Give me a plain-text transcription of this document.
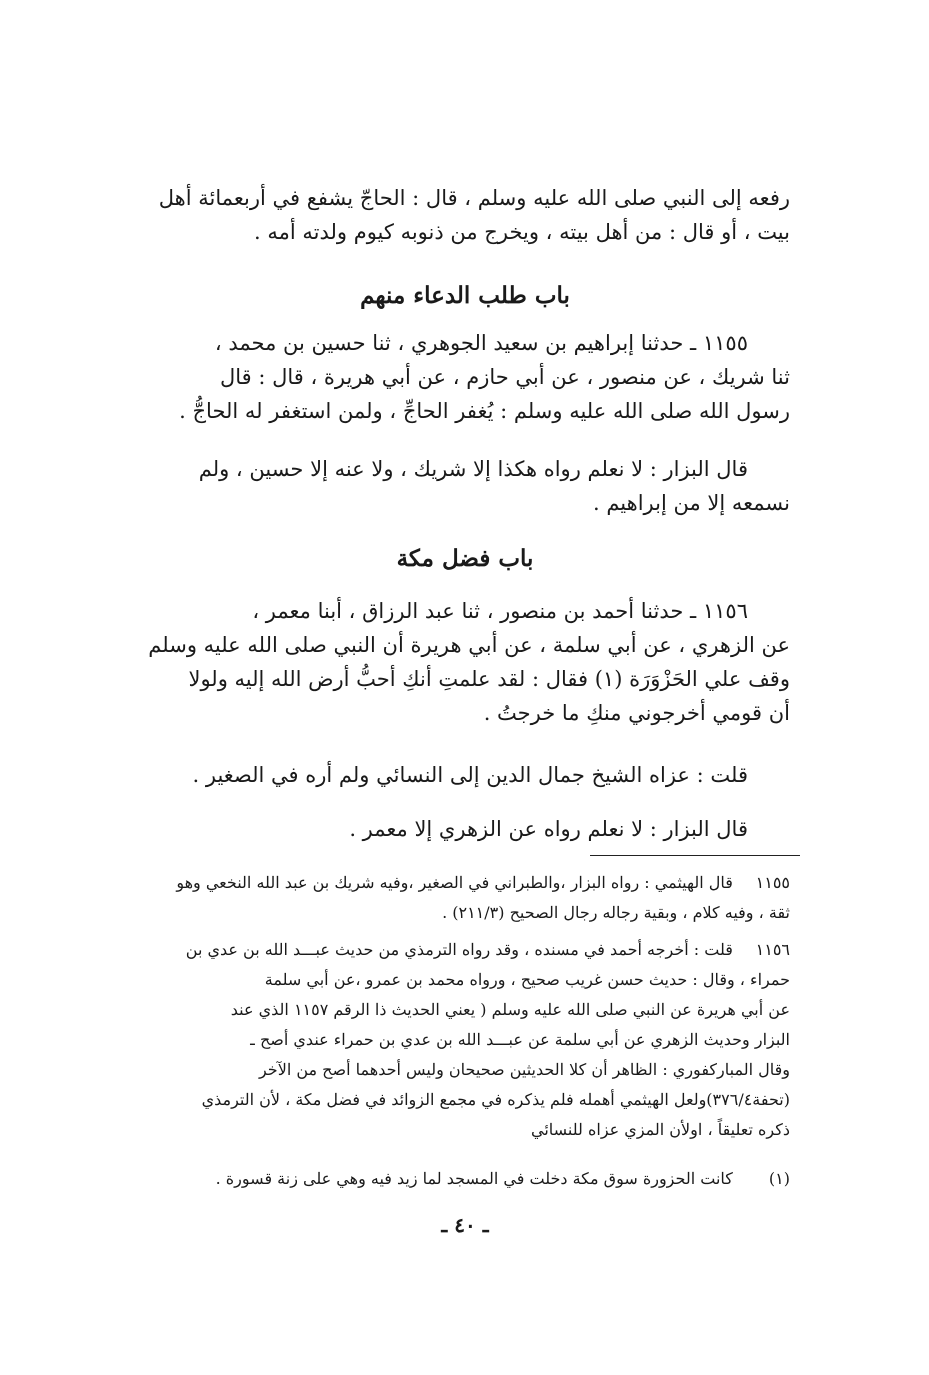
رفعه إلى النبي صلى الله عليه وسلم ، قال : الحاجّ يشفع في أربعمائة أهل
بيت ، أو قال : من أهل بيته ، ويخرج من ذنوبه كيوم ولدته أمه .
باب طلب الدعاء منهم
١١٥٥ ـ حدثنا إبراهيم بن سعيد الجوهري ، ثنا حسين بن محمد ،
ثنا شريك ، عن منصور ، عن أبي حازم ، عن أبي هريرة ، قال : قال
رسول الله صلى الله عليه وسلم : يُغفر الحاجِّ ، ولمن استغفر له الحاجُّ .
قال البزار : لا نعلم رواه هكذا إلا شريك ، ولا عنه إلا حسين ، ولم
نسمعه إلا من إبراهيم .
باب فضل مكة
١١٥٦ ـ حدثنا أحمد بن منصور ، ثنا عبد الرزاق ، أبنا معمر ،
عن الزهري ، عن أبي سلمة ، عن أبي هريرة أن النبي صلى الله عليه وسلم
وقف علي الحَزْوَرَة (١) فقال : لقد علمتِ أنكِ أحبُّ أرض الله إليه ولولا
أن قومي أخرجوني منكِ ما خرجتُ .
قلت : عزاه الشيخ جمال الدين إلى النسائي ولم أره في الصغير .
قال البزار : لا نعلم رواه عن الزهري إلا معمر .
١١٥٥ قال الهيثمي : رواه البزار ،والطبراني في الصغير ،وفيه شريك بن عبد الله النخعي وهو
ثقة ، وفيه كلام ، وبقية رجاله رجال الصحيح (٢١١/٣) .
١١٥٦ قلت : أخرجه أحمد في مسنده ، وقد رواه الترمذي من حديث عبـــد الله بن عدي بن
حمراء ، وقال : حديث حسن غريب صحيح ، ورواه محمد بن عمرو ،عن أبي سلمة
عن أبي هريرة عن النبي صلى الله عليه وسلم ( يعني الحديث ذا الرقم ١١٥٧ الذي عند
البزار وحديث الزهري عن أبي سلمة عن عبـــد الله بن عدي بن حمراء عندي أصح ـ
وقال المباركفوري : الظاهر أن كلا الحديثين صحيحان وليس أحدهما أصح من الآخر
(تحفة٣٧٦/٤)ولعل الهيثمي أهمله فلم يذكره في مجمع الزوائد في فضل مكة ، لأن الترمذي
ذكره تعليقاً ، اولأن المزي عزاه للنسائي
(١) كانت الحزورة سوق مكة دخلت في المسجد لما زيد فيه وهي على زنة قسورة .
ـ ٤٠ ـ
